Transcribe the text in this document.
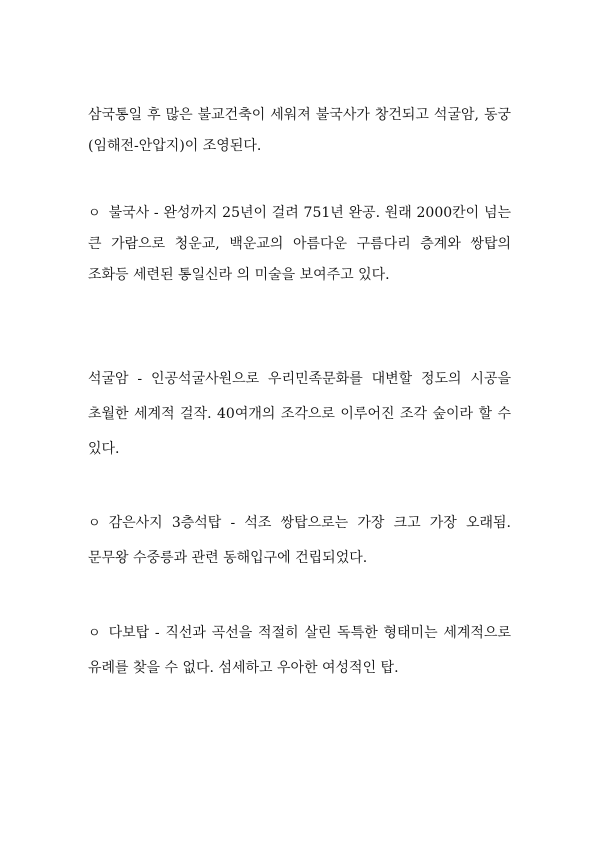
삼국통일 후 많은 불교건축이 세워져 불국사가 창건되고 석굴암, 동궁(임해전-안압지)이 조영된다.

ㅇ 불국사 - 완성까지 25년이 걸려 751년 완공. 원래 2000칸이 넘는 큰 가람으로 청운교, 백운교의 아름다운 구름다리 층계와 쌍탑의 조화등 세련된 통일신라 의 미술을 보여주고 있다.

석굴암 - 인공석굴사원으로 우리민족문화를 대변할 정도의 시공을 초월한 세계적 걸작. 40여개의 조각으로 이루어진 조각 숲이라 할 수 있다.

ㅇ 감은사지 3층석탑 - 석조 쌍탑으로는 가장 크고 가장 오래됨. 문무왕 수중릉과 관련 동해입구에 건립되었다.

ㅇ 다보탑 - 직선과 곡선을 적절히 살린 독특한 형태미는 세계적으로 유례를 찾을 수 없다. 섬세하고 우아한 여성적인 탑.
